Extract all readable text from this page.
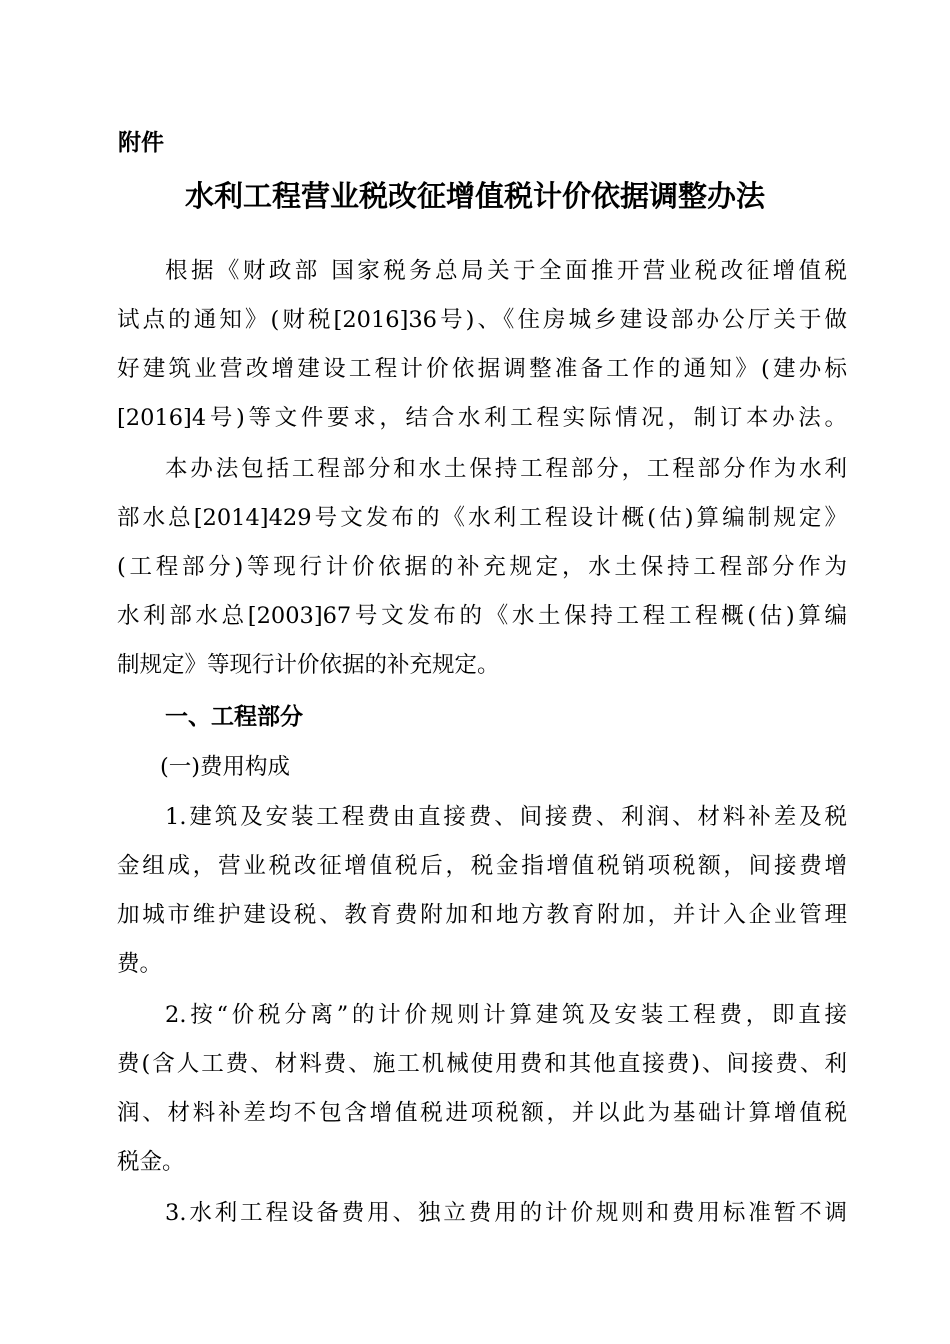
附件
水利工程营业税改征增值税计价依据调整办法
根据《财政部 国家税务总局关于全面推开营业税改征增值税
试点的通知》(财税[2016]36号)、《住房城乡建设部办公厅关于做
好建筑业营改增建设工程计价依据调整准备工作的通知》(建办标
[2016]4号)等文件要求，结合水利工程实际情况，制订本办法。
本办法包括工程部分和水土保持工程部分，工程部分作为水利
部水总[2014]429号文发布的《水利工程设计概(估)算编制规定》
(工程部分)等现行计价依据的补充规定，水土保持工程部分作为
水利部水总[2003]67号文发布的《水土保持工程工程概(估)算编
制规定》等现行计价依据的补充规定。
一、工程部分
(一)费用构成
1.建筑及安装工程费由直接费、间接费、利润、材料补差及税
金组成，营业税改征增值税后，税金指增值税销项税额，间接费增
加城市维护建设税、教育费附加和地方教育附加，并计入企业管理
费。
2.按“价税分离”的计价规则计算建筑及安装工程费，即直接
费(含人工费、材料费、施工机械使用费和其他直接费)、间接费、利
润、材料补差均不包含增值税进项税额，并以此为基础计算增值税
税金。
3.水利工程设备费用、独立费用的计价规则和费用标准暂不调
